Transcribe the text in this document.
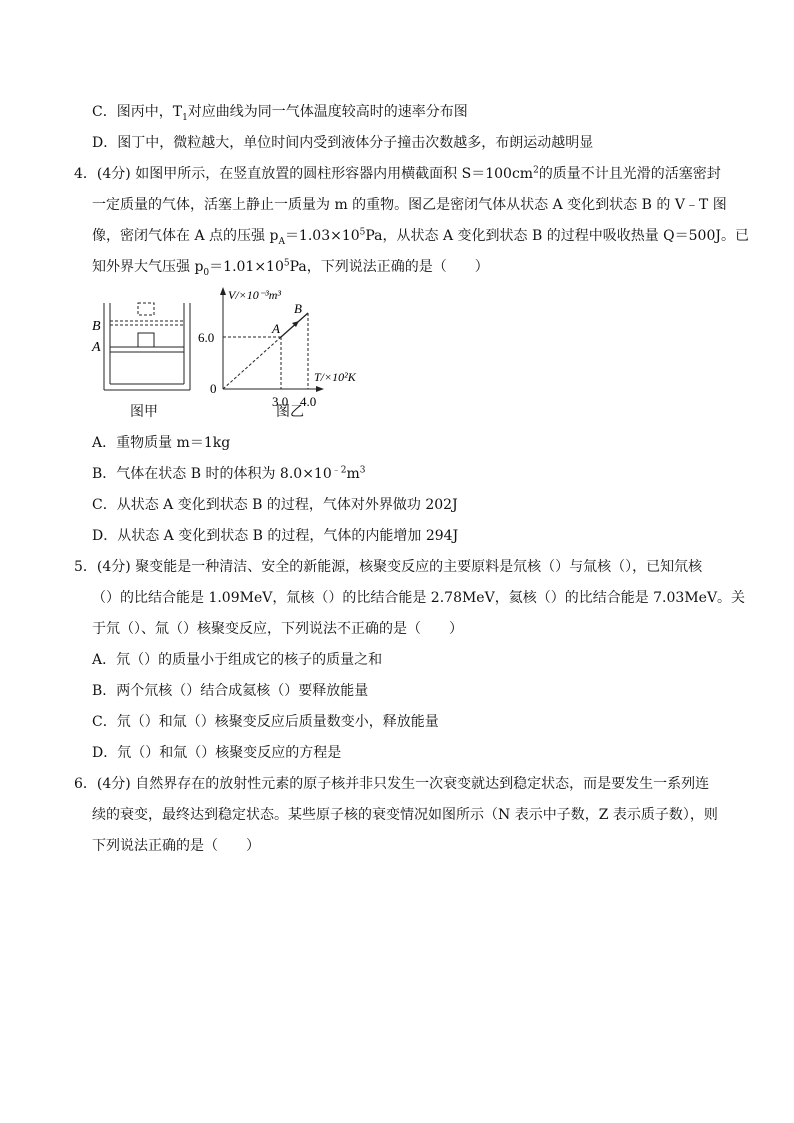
C．图丙中，$T_1$对应曲线为同一气体温度较高时的速率分布图
D．图丁中，微粒越大，单位时间内受到液体分子撞击次数越多，布朗运动越明显
4．(4分) 如图甲所示，在竖直放置的圆柱形容器内用横截面积 $S=100cm^2$的质量不计且光滑的活塞密封
一定质量的气体，活塞上静止一质量为 m 的重物。图乙是密闭气体从状态 A 变化到状态 B 的 V﹣T 图
像，密闭气体在 A 点的压强 $p_A=1.03\times 10^5Pa$，从状态 A 变化到状态 B 的过程中吸收热量 Q＝500J。已
知外界大气压强 $p_0=1.01\times 10^5Pa$，下列说法正确的是（　　）
B
A
V/×10⁻³m³
T/×10²K
6.0
3.0 4.0
0
A
B
图甲	图乙
A．重物质量 m＝1kg
B．气体在状态 B 时的体积为 $8.0\times 10^{﹣2}m^3$
C．从状态 A 变化到状态 B 的过程，气体对外界做功 202J
D．从状态 A 变化到状态 B 的过程，气体的内能增加 294J
5．(4分) 聚变能是一种清洁、安全的新能源，核聚变反应的主要原料是氘核（）与氚核（），已知氘核
（）的比结合能是 1.09MeV，氚核（）的比结合能是 2.78MeV，氦核（）的比结合能是 7.03MeV。关
于氘（）、氚（）核聚变反应，下列说法不正确的是（　　）
A．氘（）的质量小于组成它的核子的质量之和
B．两个氘核（）结合成氦核（）要释放能量
C．氘（）和氚（）核聚变反应后质量数变小，释放能量
D．氘（）和氚（）核聚变反应的方程是
6．(4分) 自然界存在的放射性元素的原子核并非只发生一次衰变就达到稳定状态，而是要发生一系列连
续的衰变，最终达到稳定状态。某些原子核的衰变情况如图所示（N 表示中子数，Z 表示质子数），则
下列说法正确的是（　　）
